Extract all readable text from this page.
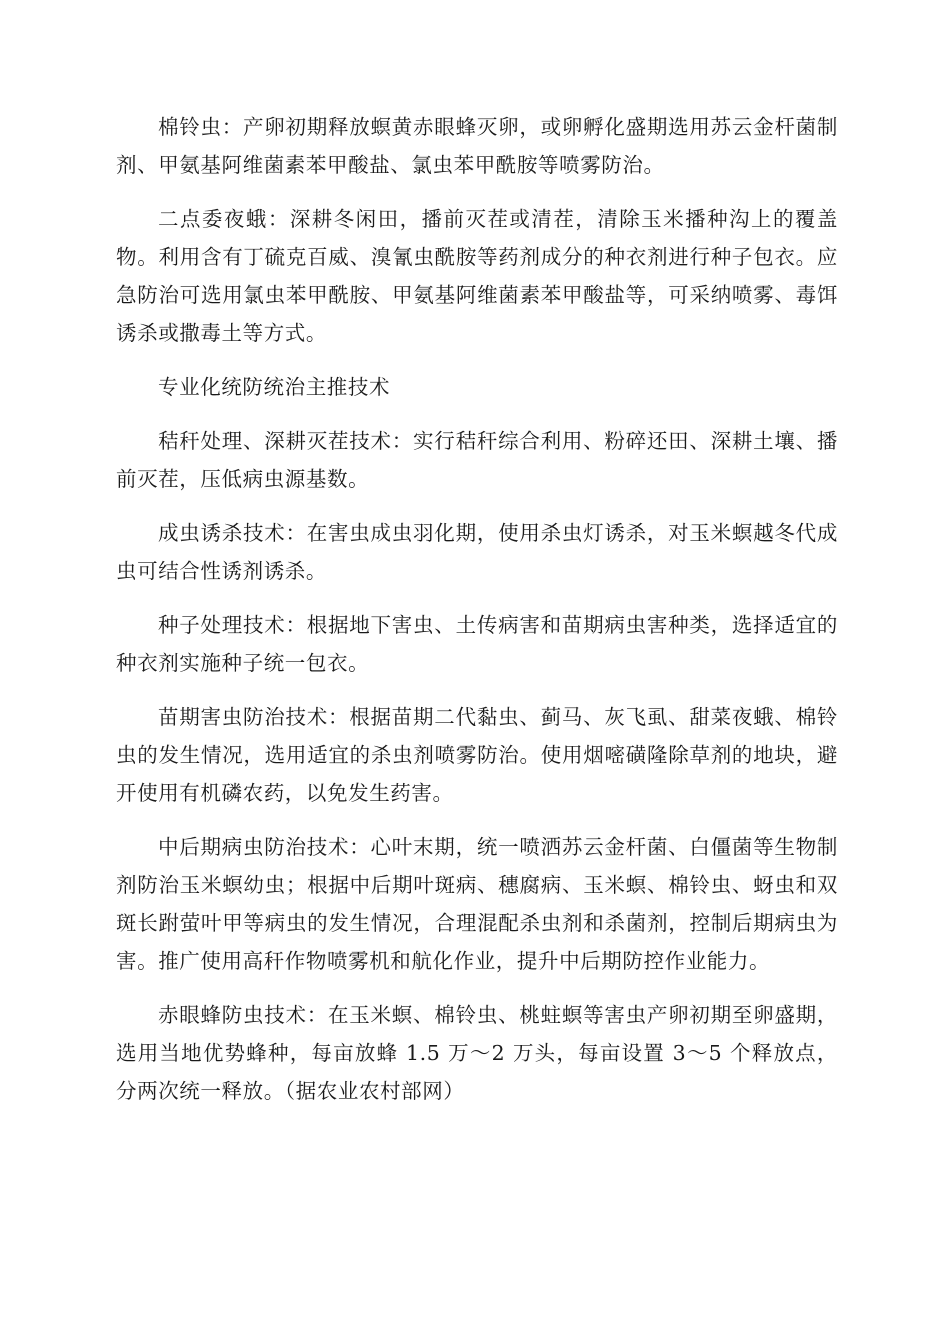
棉铃虫：产卵初期释放螟黄赤眼蜂灭卵，或卵孵化盛期选用苏云金杆菌制剂、甲氨基阿维菌素苯甲酸盐、氯虫苯甲酰胺等喷雾防治。

二点委夜蛾：深耕冬闲田，播前灭茬或清茬，清除玉米播种沟上的覆盖物。利用含有丁硫克百威、溴氰虫酰胺等药剂成分的种衣剂进行种子包衣。应急防治可选用氯虫苯甲酰胺、甲氨基阿维菌素苯甲酸盐等，可采纳喷雾、毒饵诱杀或撒毒土等方式。

专业化统防统治主推技术

秸秆处理、深耕灭茬技术：实行秸秆综合利用、粉碎还田、深耕土壤、播前灭茬，压低病虫源基数。

成虫诱杀技术：在害虫成虫羽化期，使用杀虫灯诱杀，对玉米螟越冬代成虫可结合性诱剂诱杀。

种子处理技术：根据地下害虫、土传病害和苗期病虫害种类，选择适宜的种衣剂实施种子统一包衣。

苗期害虫防治技术：根据苗期二代黏虫、蓟马、灰飞虱、甜菜夜蛾、棉铃虫的发生情况，选用适宜的杀虫剂喷雾防治。使用烟嘧磺隆除草剂的地块，避开使用有机磷农药，以免发生药害。

中后期病虫防治技术：心叶末期，统一喷洒苏云金杆菌、白僵菌等生物制剂防治玉米螟幼虫；根据中后期叶斑病、穗腐病、玉米螟、棉铃虫、蚜虫和双斑长跗萤叶甲等病虫的发生情况，合理混配杀虫剂和杀菌剂，控制后期病虫为害。推广使用高秆作物喷雾机和航化作业，提升中后期防控作业能力。

赤眼蜂防虫技术：在玉米螟、棉铃虫、桃蛀螟等害虫产卵初期至卵盛期，选用当地优势蜂种，每亩放蜂 1.5 万～2 万头，每亩设置 3～5 个释放点，分两次统一释放。（据农业农村部网）
